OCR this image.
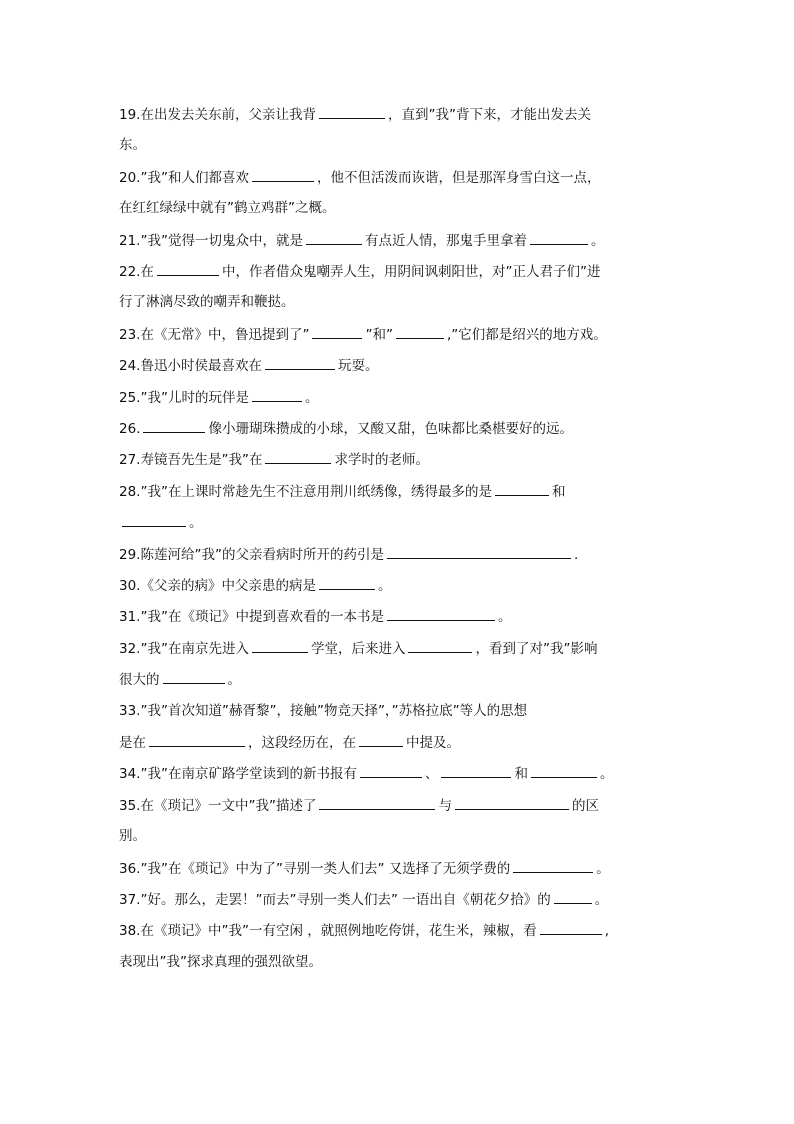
19.在出发去关东前，父亲让我背	，直到”我”背下来，才能出发去关
东。
20.”我”和人们都喜欢	，他不但活泼而诙谐，但是那浑身雪白这一点，
在红红绿绿中就有”鹤立鸡群”之概。
21.”我”觉得一切鬼众中，就是	有点近人情，那鬼手里拿着	。
22.在	中，作者借众鬼嘲弄人生，用阴间讽刺阳世，对”正人君子们”进
行了淋漓尽致的嘲弄和鞭挞。
23.在《无常》中，鲁迅提到了”	”和”	,”它们都是绍兴的地方戏。
24.鲁迅小时侯最喜欢在	玩耍。
25.”我”儿时的玩伴是	。
26.	像小珊瑚珠攒成的小球，又酸又甜，色味都比桑椹要好的远。
27.寿镜吾先生是”我”在	求学时的老师。
28.”我”在上课时常趁先生不注意用荆川纸绣像，绣得最多的是	和
。
29.陈莲河给”我”的父亲看病时所开的药引是	.
30.《父亲的病》中父亲患的病是	。
31.”我”在《琐记》中提到喜欢看的一本书是	。
32.”我”在南京先进入	学堂，后来进入	，看到了对”我”影响
很大的	。
33.”我”首次知道”赫胥黎”，接触”物竞天择”，”苏格拉底”等人的思想
是在	，这段经历在，在	中提及。
34.”我”在南京矿路学堂读到的新书报有	、	和	。
35.在《琐记》一文中”我”描述了	与	的区
别。
36.”我”在《琐记》中为了”寻别一类人们去” 又选择了无须学费的	。
37.”好。那么，走罢！”而去”寻别一类人们去” 一语出自《朝花夕拾》的	。
38.在《琐记》中”我”一有空闲 ，就照例地吃侉饼，花生米，辣椒，看	,
表现出”我”探求真理的强烈欲望。
